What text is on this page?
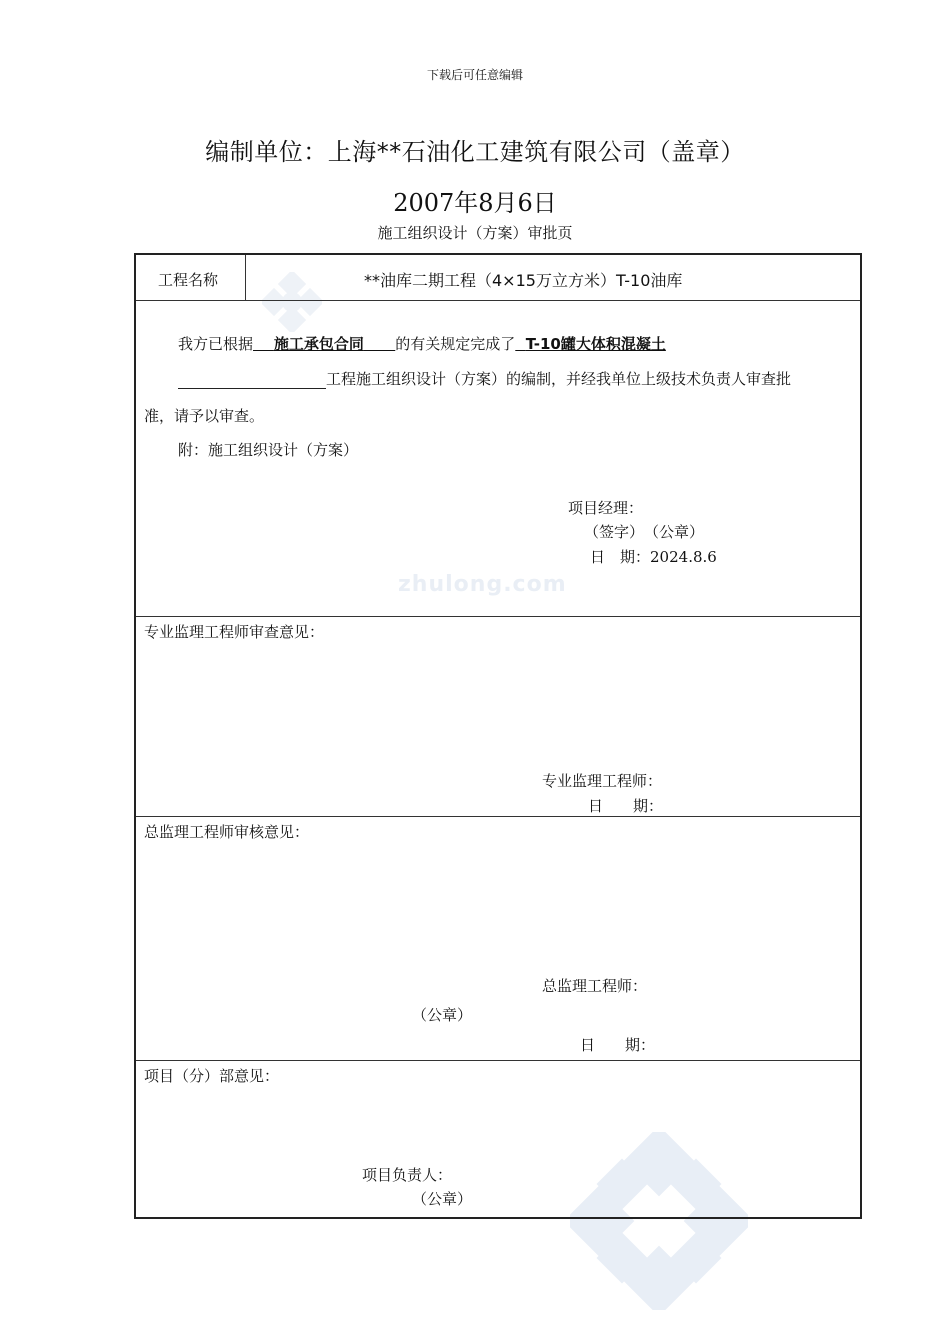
zhulong.com
下载后可任意编辑
编制单位：上海**石油化工建筑有限公司（盖章）
2007年8月6日
施工组织设计（方案）审批页
工程名称	**油库二期工程（4×15万立方米）T-10油库
我方已根据 施工承包合同 的有关规定完成了 T-10罐大体积混凝土
工程施工组织设计（方案）的编制，并经我单位上级技术负责人审查批
准，请予以审查。
附：施工组织设计（方案）
项目经理：
（签字）　（公章）
日　期：2024.8.6
专业监理工程师审查意见：
专业监理工程师：
日　　期：
总监理工程师审核意见：
总监理工程师：
（公章）
日　　期：
项目（分）部意见：
项目负责人：
（公章）
